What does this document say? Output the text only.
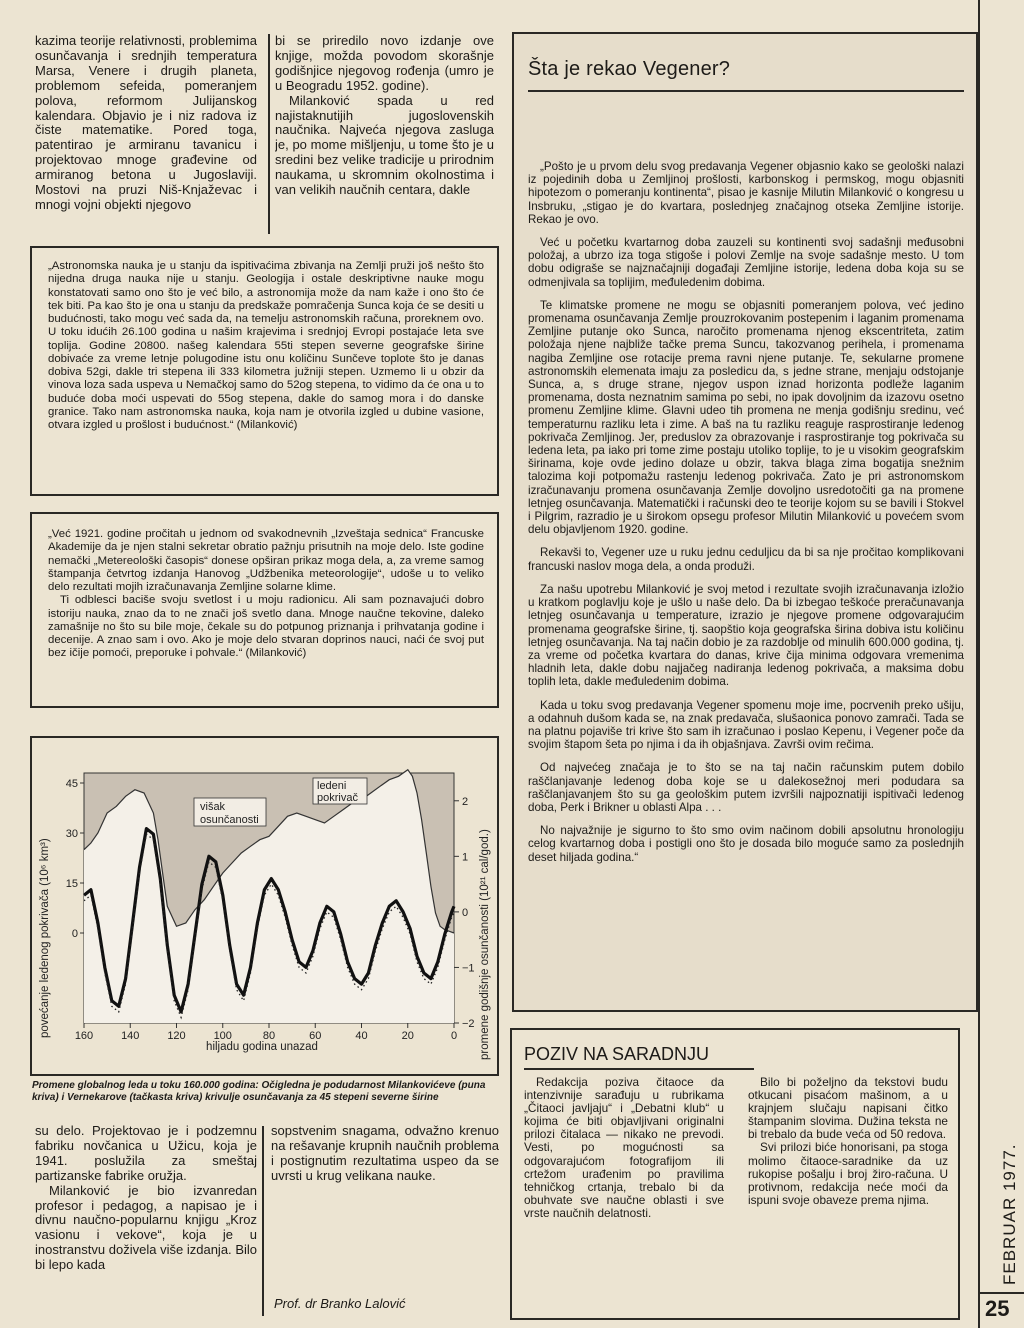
kazima teorije relativnosti, problemima osunčavanja i srednjih temperatura Marsa, Venere i drugih planeta, problemom sefeida, pomeranjem polova, reformom Julijanskog kalendara. Objavio je i niz radova iz čiste matematike. Pored toga, patentirao je armiranu tavanicu i projektovao mnoge građevine od armiranog betona u Jugoslaviji. Mostovi na pruzi Niš-Knjaževac i mnogi vojni objekti njegovo

bi se priredilo novo izdanje ove knjige, možda povodom skorašnje godišnjice njegovog rođenja (umro je u Beogradu 1952. godine).

Milanković spada u red najistaknutijih jugoslovenskih naučnika. Najveća njegova zasluga je, po mome mišljenju, u tome što je u sredini bez velike tradicije u prirodnim naukama, u skromnim okolnostima i van velikih naučnih centara, dakle

„Astronomska nauka je u stanju da ispitivaćima zbivanja na Zemlji pruži još nešto što nijedna druga nauka nije u stanju. Geologija i ostale deskriptivne nauke mogu konstatovati samo ono što je već bilo, a astronomija može da nam kaže i ono što će tek biti. Pa kao što je ona u stanju da predskaže pomračenja Sunca koja će se desiti u budućnosti, tako mogu već sada da, na temelju astronomskih računa, proreknem ovo. U toku idućih 26.100 godina u našim krajevima i srednjoj Evropi postajaće leta sve toplija. Godine 20800. našeg kalendara 55ti stepen severne geografske širine dobivaće za vreme letnje polugodine istu onu količinu Sunčeve toplote što je danas dobiva 52gi, dakle tri stepena ili 333 kilometra južniji stepen. Uzmemo li u obzir da vinova loza sada uspeva u Nemačkoj samo do 52og stepena, to vidimo da će ona u to buduće doba moći uspevati do 55og stepena, dakle do samog mora i do danske granice. Tako nam astronomska nauka, koja nam je otvorila izgled u dubine vasione, otvara izgled u prošlost i budućnost.“ (Milanković)

„Već 1921. godine pročitah u jednom od svakodnevnih „Izveštaja sednica“ Francuske Akademije da je njen stalni sekretar obratio pažnju prisutnih na moje delo. Iste godine nemački „Metereološki časopis“ donese opširan prikaz moga dela, a, za vreme samog štampanja četvrtog izdanja Hanovog „Udžbenika meteorologije“, udoše u to veliko delo rezultati mojih izračunavanja Zemljine solarne klime.

Ti odblesci baciše svoju svetlost i u moju radionicu. Ali sam poznavajući dobro istoriju nauka, znao da to ne znači još svetlo dana. Mnoge naučne tekovine, daleko zamašnije no što su bile moje, čekale su do potpunog priznanja i prihvatanja godine i decenije. A znao sam i ovo. Ako je moje delo stvaran doprinos nauci, naći će svoj put bez ičije pomoći, preporuke i pohvale.“ (Milanković)

povećanje ledenog pokrivača (10⁶ km³)	promene godišnje osunčanosti (10²¹ cal/god.)
hiljadu godina unazad
160	140	120	100	80	60	40	20	0
0
15
30
45
−2
−1
0
1
2
višak
osunčanosti
ledeni
pokrivač
Promene globalnog leda u toku 160.000 godina: Očigledna je podudarnost Milankovićeve (puna kriva) i Vernekarove (tačkasta kriva) krivulje osunčavanja za 45 stepeni severne širine

su delo. Projektovao je i podzemnu fabriku novčanica u Užicu, koja je 1941. poslužila za smeštaj partizanske fabrike oružja.

Milanković je bio izvanredan profesor i pedagog, a napisao je i divnu naučno-popularnu knjigu „Kroz vasionu i vekove“, koja je u inostranstvu doživela više izdanja. Bilo bi lepo kada

sopstvenim snagama, odvažno krenuo na rešavanje krupnih naučnih problema i postignutim rezultatima uspeo da se uvrsti u krug velikana nauke.

Prof. dr Branko Lalović
Šta je rekao Vegener?

„Pošto je u prvom delu svog predavanja Vegener objasnio kako se geološki nalazi iz pojedinih doba u Zemljinoj prošlosti, karbonskog i permskog, mogu objasniti hipotezom o pomeranju kontinenta“, pisao je kasnije Milutin Milanković o kongresu u Insbruku, „stigao je do kvartara, poslednjeg značajnog otseka Zemljine istorije. Rekao je ovo.

Već u početku kvartarnog doba zauzeli su kontinenti svoj sadašnji međusobni položaj, a ubrzo iza toga stigoše i polovi Zemlje na svoje sadašnje mesto. U tom dobu odigraše se najznačajniji događaji Zemljine istorije, ledena doba koja su se odmenjivala sa toplijim, međuledenim dobima.

Te klimatske promene ne mogu se objasniti pomeranjem polova, već jedino promenama osunčavanja Zemlje prouzrokovanim postepenim i laganim promenama Zemljine putanje oko Sunca, naročito promenama njenog ekscentriteta, zatim položaja njene najbliže tačke prema Suncu, takozvanog perihela, i promenama nagiba Zemljine ose rotacije prema ravni njene putanje. Te, sekularne promene astronomskih elemenata imaju za posledicu da, s jedne strane, menjaju odstojanje Sunca, a, s druge strane, njegov uspon iznad horizonta podleže laganim promenama, dosta neznatnim samima po sebi, no ipak dovoljnim da izazovu osetno promenu Zemljine klime. Glavni udeo tih promena ne menja godišnju sredinu, već temperaturnu razliku leta i zime. A baš na tu razliku reaguje rasprostiranje ledenog pokrivača Zemljinog. Jer, preduslov za obrazovanje i rasprostiranje tog pokrivača su ledena leta, pa iako pri tome zime postaju utoliko toplije, to je u visokim geografskim širinama, koje ovde jedino dolaze u obzir, takva blaga zima bogatija snežnim talozima koji potpomažu rastenju ledenog pokrivača. Zato je pri astronomskom izračunavanju promena osunčavanja Zemlje dovoljno usredotočiti ga na promene letnjeg osunčavanja. Matematički i računski deo te teorije kojom su se bavili i Stokvel i Pilgrim, razradio je u širokom opsegu profesor Milutin Milanković u povećem svom delu objavljenom 1920. godine.

Rekavši to, Vegener uze u ruku jednu ceduljicu da bi sa nje pročitao komplikovani francuski naslov moga dela, a onda produži.

Za našu upotrebu Milanković je svoj metod i rezultate svojih izračunavanja izložio u kratkom poglavlju koje je ušlo u naše delo. Da bi izbegao teškoće preračunavanja letnjeg osunčavanja u temperature, izrazio je njegove promene odgovarajućim promenama geografske širine, tj. saopštio koja geografska širina dobiva istu količinu letnjeg osunčavanja. Na taj način dobio je za razdoblje od minulih 600.000 godina, tj. za vreme od početka kvartara do danas, krive čija minima odgovara vremenima hladnih leta, dakle dobu najjačeg nadiranja ledenog pokrivača, a maksima dobu toplih leta, dakle međuledenim dobima.

Kada u toku svog predavanja Vegener spomenu moje ime, pocrvenih preko ušiju, a odahnuh dušom kada se, na znak predavača, slušaonica ponovo zamrači. Tada se na platnu pojaviše tri krive što sam ih izračunao i poslao Kepenu, i Vegener poče da svojim štapom šeta po njima i da ih objašnjava. Završi ovim rečima.

Od najvećeg značaja je to što se na taj način računskim putem dobilo raščlanjavanje ledenog doba koje se u dalekosežnoj meri podudara sa raščlanjavanjem što su ga geološkim putem izvršili najpoznatiji ispitivači ledenog doba, Perk i Brikner u oblasti Alpa . . .

No najvažnije je sigurno to što smo ovim načinom dobili apsolutnu hronologiju celog kvartarnog doba i postigli ono što je dosada bilo moguće samo za poslednjih deset hiljada godina.“

POZIV NA SARADNJU

Redakcija poziva čitaoce da intenzivnije sarađuju u rubrikama „Čitaoci javljaju“ i „Debatni klub“ u kojima će biti objavljivani originalni prilozi čitalaca — nikako ne prevodi. Vesti, po mogućnosti sa odgovarajućom fotografijom ili crtežom urađenim po pravilima tehničkog crtanja, trebalo bi da obuhvate sve naučne oblasti i sve vrste naučnih delatnosti.

Bilo bi poželjno da tekstovi budu otkucani pisaćom mašinom, a u krajnjem slučaju napisani čitko štampanim slovima. Dužina teksta ne bi trebalo da bude veća od 50 redova.

Svi prilozi biće honorisani, pa stoga molimo čitaoce-saradnike da uz rukopise pošalju i broj žiro-računa. U protivnom, redakcija neće moći da ispuni svoje obaveze prema njima.	FEBRUAR 1977.
25
